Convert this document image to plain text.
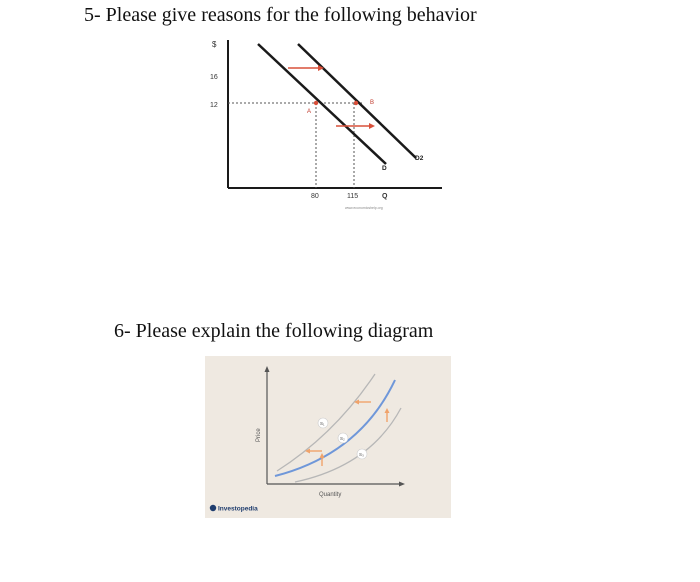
5- Please give reasons for the following behavior
$
16
12
A
B
D
D2
80	115	Q
www.economicshelp.org
6- Please explain the following diagram
Price
Quantity
S₁
S₂
S₃
Investopedia
